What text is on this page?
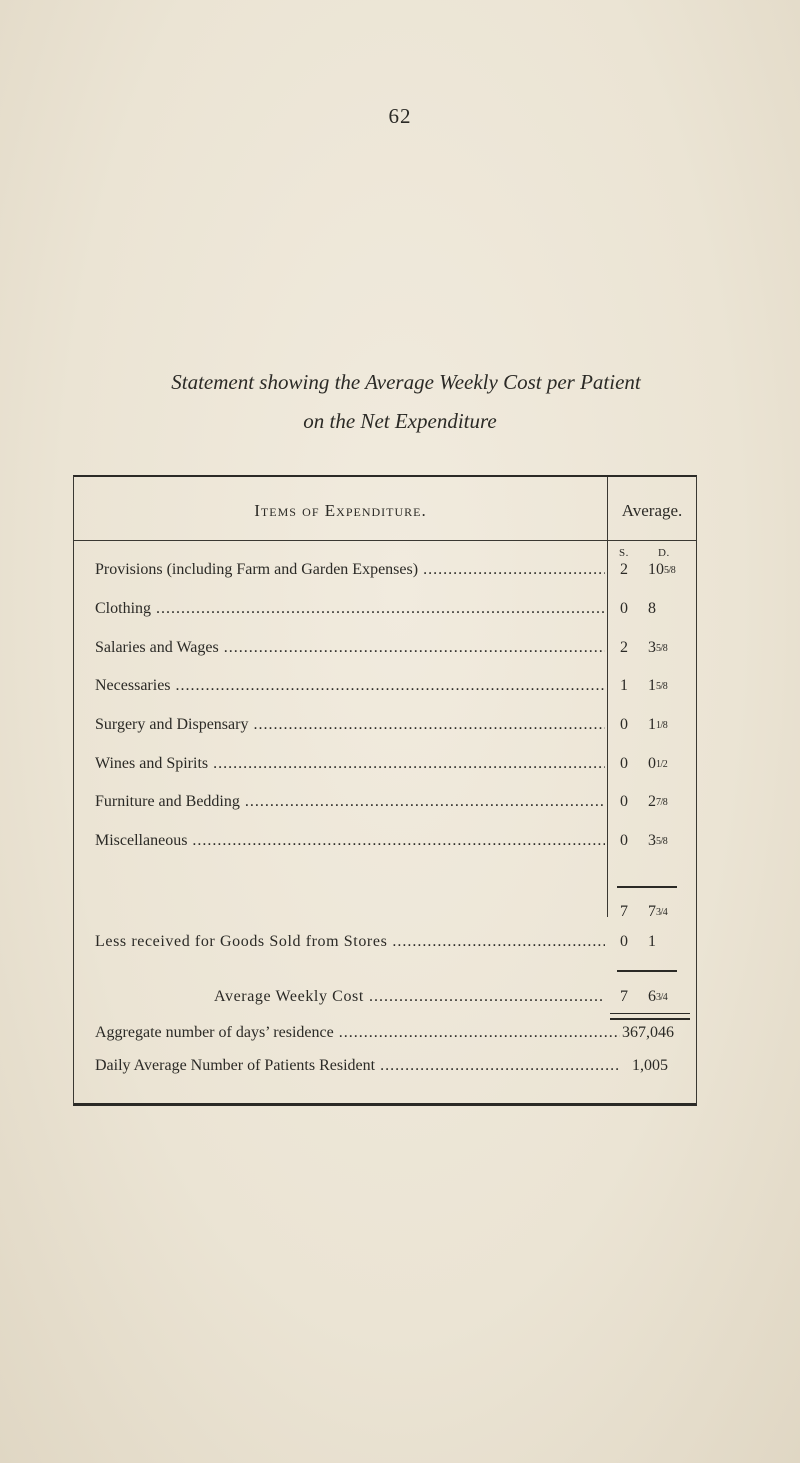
62
Statement showing the Average Weekly Cost per Patient
on the Net Expenditure
Items of Expenditure.	Average.
S.	D.
Provisions (including Farm and Garden Expenses) .....	2	105/8
Clothing .....	0	8
Salaries and Wages .....	2	35/8
Necessaries .....	1	15/8
Surgery and Dispensary .....	0	11/8
Wines and Spirits .....	0	01/2
Furniture and Bedding .....	0	27/8
Miscellaneous .....	0	35/8
7	73/4
Less received for Goods Sold from Stores .....	0	1
Average Weekly Cost .....	7	63/4
Aggregate number of days’ residence .....	367,046
Daily Average Number of Patients Resident .....	1,005
